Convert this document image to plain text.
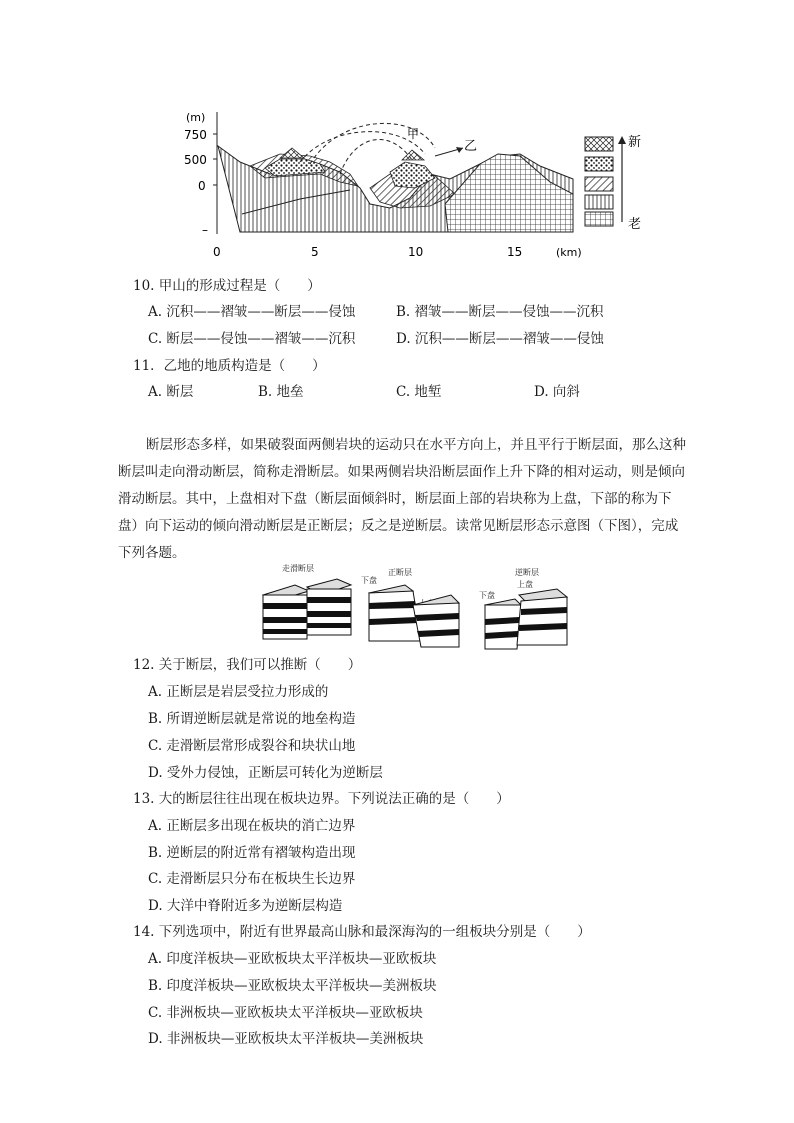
(m)
750
500
0
–
甲
乙
0	5	10	15	(km)
新
老
10. 甲山的形成过程是（　　）
A. 沉积——褶皱——断层——侵蚀	B. 褶皱——断层——侵蚀——沉积
C. 断层——侵蚀——褶皱——沉积	D. 沉积——断层——褶皱——侵蚀
11．乙地的地质构造是（　　）
A. 断层	B. 地垒	C. 地堑	D. 向斜
断层形态多样，如果破裂面两侧岩块的运动只在水平方向上，并且平行于断层面，那么这种断层叫走向滑动断层，简称走滑断层。如果两侧岩块沿断层面作上升下降的相对运动，则是倾向滑动断层。其中，上盘相对下盘（断层面倾斜时，断层面上部的岩块称为上盘，下部的称为下盘）向下运动的倾向滑动断层是正断层；反之是逆断层。读常见断层形态示意图（下图），完成下列各题。
走滑断层	正断层
下盘
逆断层
上盘
下盘
12. 关于断层，我们可以推断（　　）
A. 正断层是岩层受拉力形成的
B. 所谓逆断层就是常说的地垒构造
C. 走滑断层常形成裂谷和块状山地
D. 受外力侵蚀，正断层可转化为逆断层
13. 大的断层往往出现在板块边界。下列说法正确的是（　　）
A. 正断层多出现在板块的消亡边界
B. 逆断层的附近常有褶皱构造出现
C. 走滑断层只分布在板块生长边界
D. 大洋中脊附近多为逆断层构造
14. 下列选项中，附近有世界最高山脉和最深海沟的一组板块分别是（　　）
A. 印度洋板块—亚欧板块太平洋板块—亚欧板块
B. 印度洋板块—亚欧板块太平洋板块—美洲板块
C. 非洲板块—亚欧板块太平洋板块—亚欧板块
D. 非洲板块—亚欧板块太平洋板块—美洲板块
